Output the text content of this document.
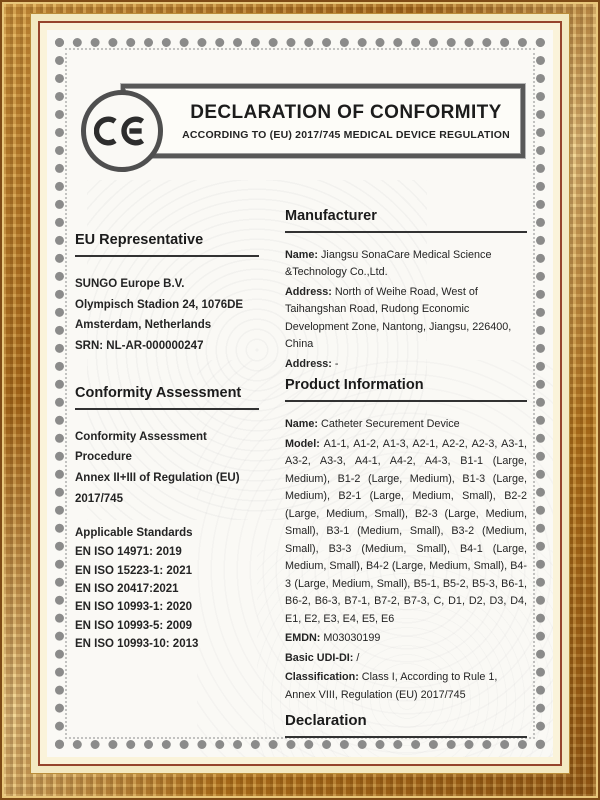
DECLARATION OF CONFORMITY
ACCORDING TO (EU) 2017/745 MEDICAL DEVICE REGULATION
EU Representative

SUNGO Europe B.V.

Olympisch Stadion 24, 1076DE

Amsterdam, Netherlands

SRN: NL-AR-000000247

Conformity Assessment

Conformity Assessment Procedure

Annex II+III of Regulation (EU) 2017/745

Applicable Standards

EN ISO 14971: 2019

EN ISO 15223-1: 2021

EN ISO 20417:2021

EN ISO 10993-1: 2020

EN ISO 10993-5: 2009

EN ISO 10993-10: 2013

Manufacturer

Name: Jiangsu SonaCare Medical Science &Technology Co.,Ltd.

Address: North of Weihe Road, West of Taihangshan Road, Rudong Economic Development Zone, Nantong, Jiangsu, 226400, China

Address: -

Product Information

Name: Catheter Securement Device

Model: A1-1, A1-2, A1-3, A2-1, A2-2, A2-3, A3-1, A3-2, A3-3, A4-1, A4-2, A4-3, B1-1 (Large, Medium), B1-2 (Large, Medium), B1-3 (Large, Medium), B2-1 (Large, Medium, Small), B2-2 (Large, Medium, Small), B2-3 (Large, Medium, Small), B3-1 (Medium, Small), B3-2 (Medium, Small), B3-3 (Medium, Small), B4-1 (Large, Medium, Small), B4-2 (Large, Medium, Small), B4-3 (Large, Medium, Small), B5-1, B5-2, B5-3, B6-1, B6-2, B6-3, B7-1, B7-2, B7-3, C, D1, D2, D3, D4, E1, E2, E3, E4, E5, E6

EMDN: M03030199

Basic UDI-DI: /

Classification: Class I, According to Rule 1, Annex VIII, Regulation (EU) 2017/745

Declaration
